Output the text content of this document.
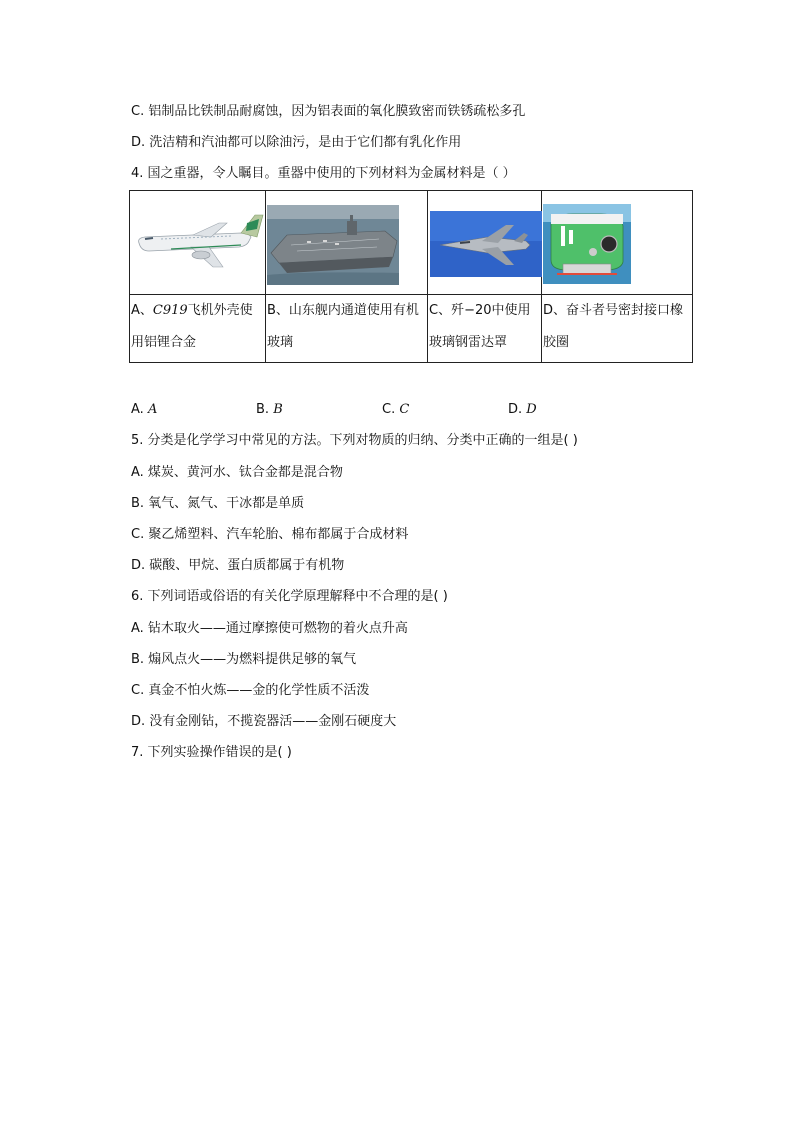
C. 铝制品比铁制品耐腐蚀，因为铝表面的氧化膜致密而铁锈疏松多孔
D. 洗洁精和汽油都可以除油污，是由于它们都有乳化作用
4. 国之重器，令人瞩目。重器中使用的下列材料为金属材料是（ ）

A、C919飞机外壳使
用铝锂合金	B、山东舰内通道使用有机
玻璃	C、歼−20中使用
玻璃钢雷达罩	D、奋斗者号密封接口橡
胶圈
A. A	B. B	C. C	D. D
5. 分类是化学学习中常见的方法。下列对物质的归纳、分类中正确的一组是( )
A. 煤炭、黄河水、钛合金都是混合物
B. 氧气、氮气、干冰都是单质
C. 聚乙烯塑料、汽车轮胎、棉布都属于合成材料
D. 碳酸、甲烷、蛋白质都属于有机物
6. 下列词语或俗语的有关化学原理解释中不合理的是( )
A. 钻木取火——通过摩擦使可燃物的着火点升高
B. 煽风点火——为燃料提供足够的氧气
C. 真金不怕火炼——金的化学性质不活泼
D. 没有金刚钻，不揽瓷器活——金刚石硬度大
7. 下列实验操作错误的是( )
